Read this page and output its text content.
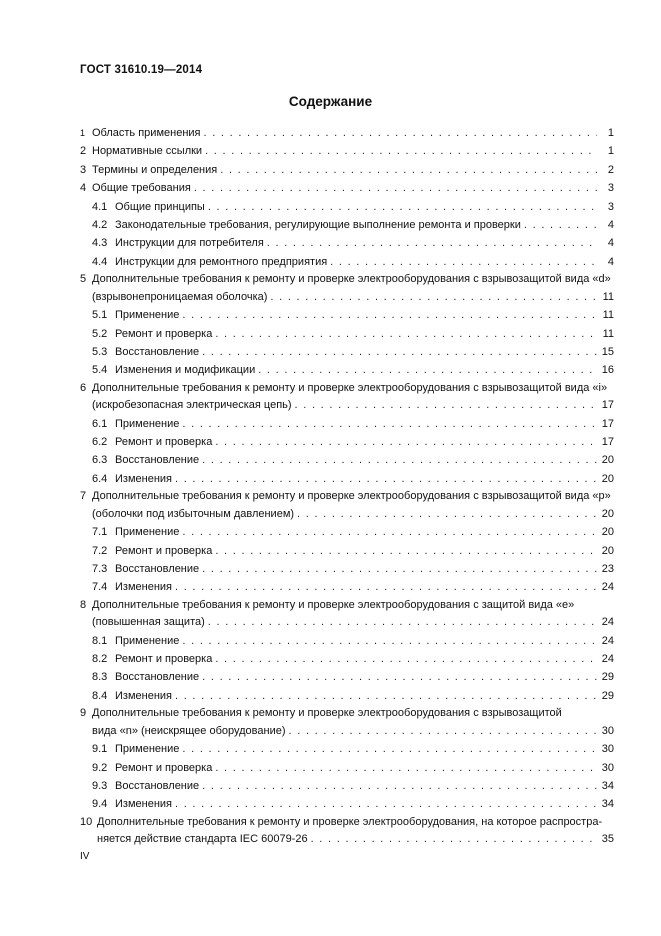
ГОСТ 31610.19—2014
Содержание
1 Область применения . . .	1
2 Нормативные ссылки . . .	1
3 Термины и определения . . .	2
4 Общие требования . . .	3
4.1 Общие принципы . . .	3
4.2 Законодательные требования, регулирующие выполнение ремонта и проверки . . .	4
4.3 Инструкции для потребителя . . .	4
4.4 Инструкции для ремонтного предприятия . . .	4
5 Дополнительные требования к ремонту и проверке электрооборудования с взрывозащитой вида «d»
(взрывонепроницаемая оболочка) . . .	11
5.1 Применение . . .	11
5.2 Ремонт и проверка . . .	11
5.3 Восстановление . . .	15
5.4 Изменения и модификации . . .	16
6 Дополнительные требования к ремонту и проверке электрооборудования с взрывозащитой вида «i»
(искробезопасная электрическая цепь) . . .	17
6.1 Применение . . .	17
6.2 Ремонт и проверка . . .	17
6.3 Восстановление . . .	20
6.4 Изменения . . .	20
7 Дополнительные требования к ремонту и проверке электрооборудования с взрывозащитой вида «р»
(оболочки под избыточным давлением) . . .	20
7.1 Применение . . .	20
7.2 Ремонт и проверка . . .	20
7.3 Восстановление . . .	23
7.4 Изменения . . .	24
8 Дополнительные требования к ремонту и проверке электрооборудования с защитой вида «е»
(повышенная защита) . . .	24
8.1 Применение . . .	24
8.2 Ремонт и проверка . . .	24
8.3 Восстановление . . .	29
8.4 Изменения . . .	29
9 Дополнительные требования к ремонту и проверке электрооборудования с взрывозащитой
вида «n» (неискрящее оборудование) . . .	30
9.1 Применение . . .	30
9.2 Ремонт и проверка . . .	30
9.3 Восстановление . . .	34
9.4 Изменения . . .	34
10 Дополнительные требования к ремонту и проверке электрооборудования, на которое распростра-
няется действие стандарта IEC 60079-26 . . .	35
IV
